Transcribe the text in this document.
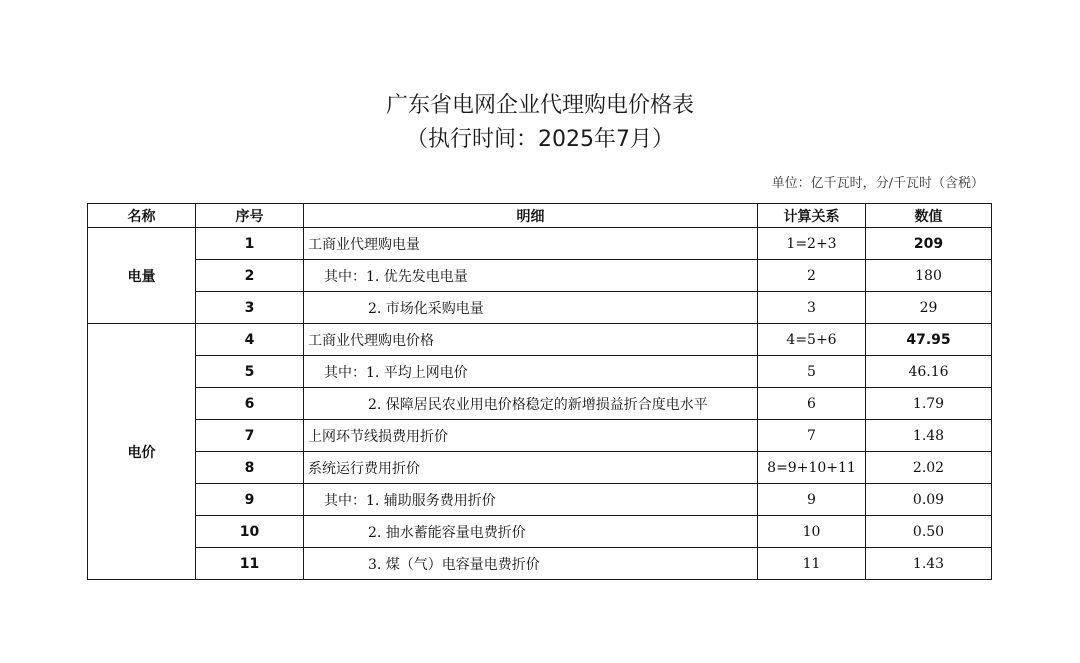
广东省电网企业代理购电价格表
（执行时间：2025年7月）
单位：亿千瓦时，分/千瓦时（含税）
名称	序号	明细	计算关系	数值
电量	1	工商业代理购电量	1=2+3	209
	2	其中：1. 优先发电电量	2	180
	3	2. 市场化采购电量	3	29
电价	4	工商业代理购电价格	4=5+6	47.95
	5	其中：1. 平均上网电价	5	46.16
	6	2. 保障居民农业用电价格稳定的新增损益折合度电水平	6	1.79
	7	上网环节线损费用折价	7	1.48
	8	系统运行费用折价	8=9+10+11	2.02
	9	其中：1. 辅助服务费用折价	9	0.09
	10	2. 抽水蓄能容量电费折价	10	0.50
	11	3. 煤（气）电容量电费折价	11	1.43
